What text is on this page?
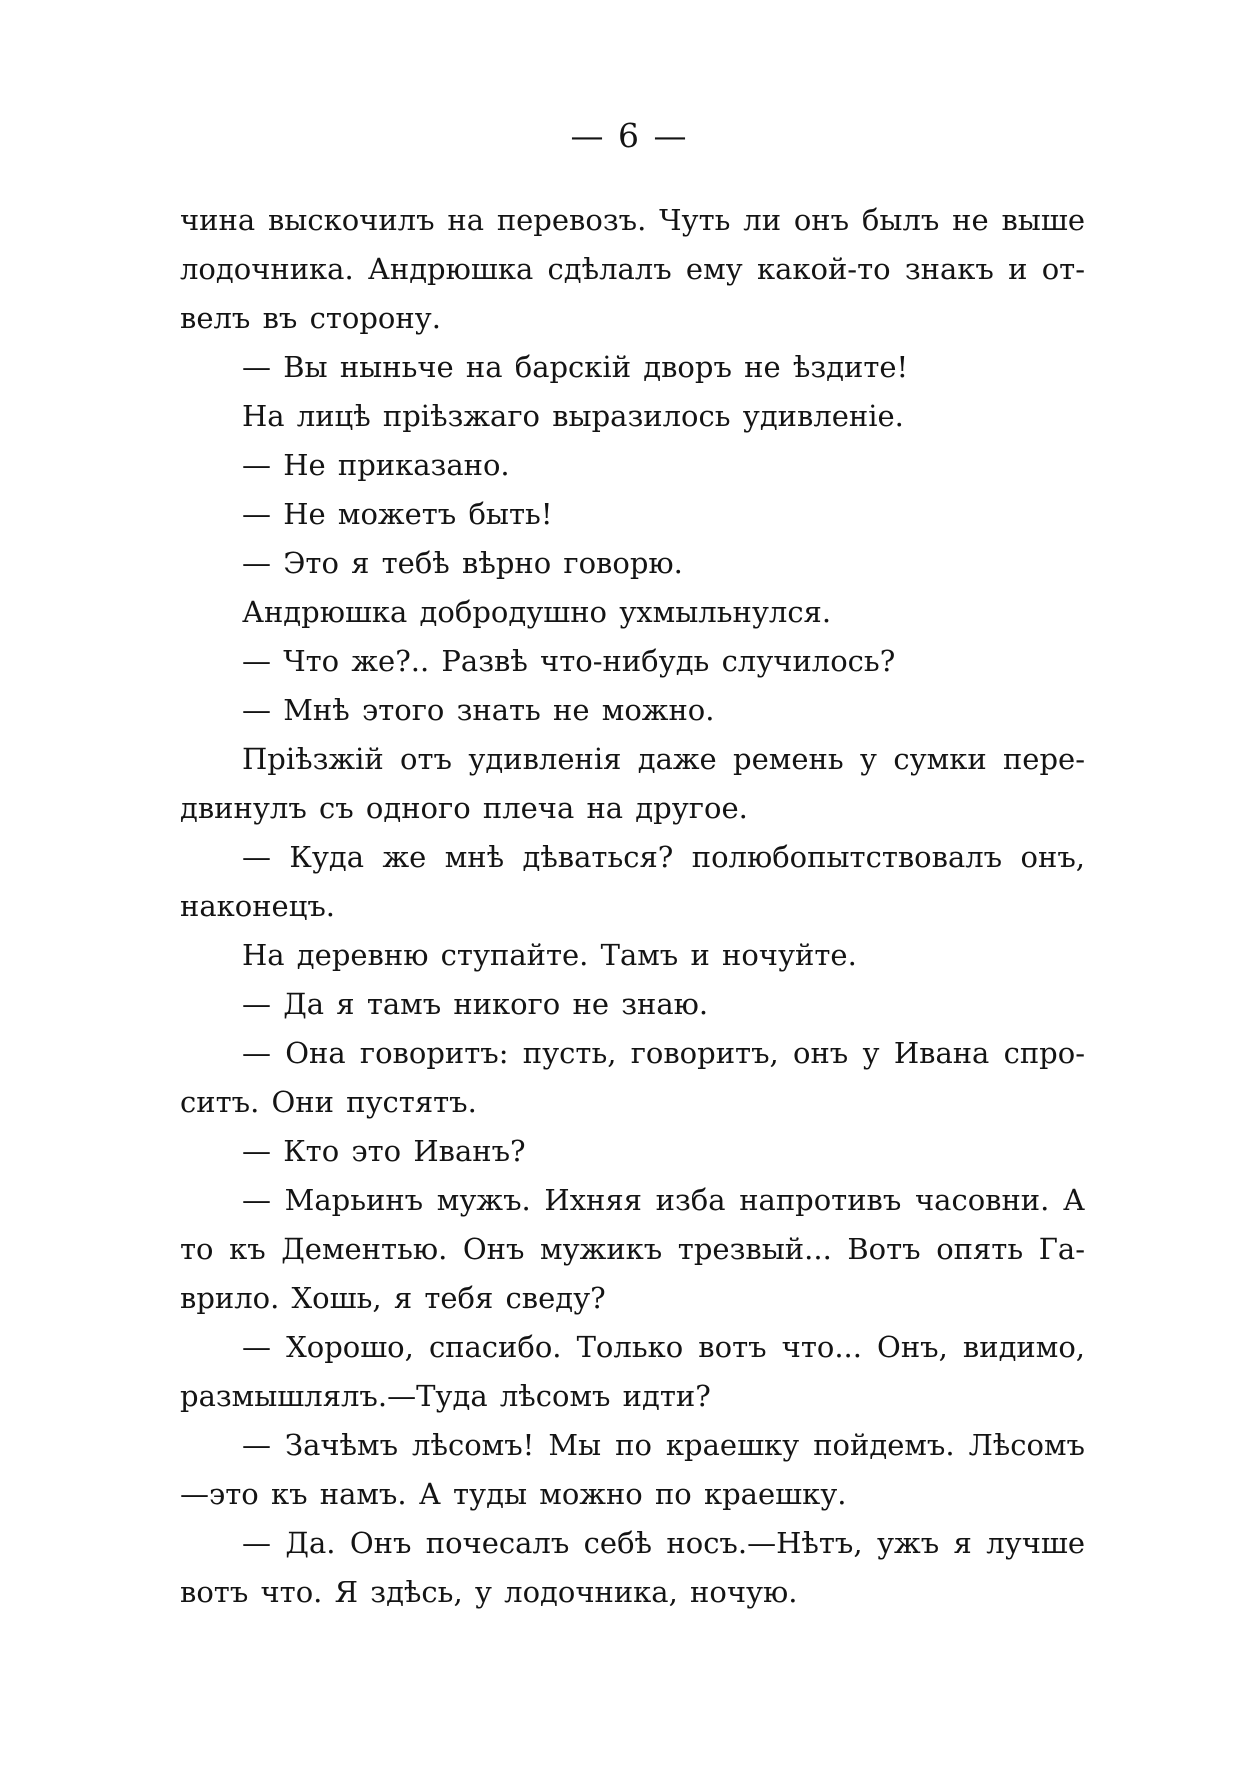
— 6 —
чина выскочилъ на перевозъ. Чуть ли онъ былъ не выше
лодочника. Андрюшка сдѣлалъ ему какой-то знакъ и от-
велъ въ сторону.
— Вы ныньче на барскій дворъ не ѣздите!
На лицѣ пріѣзжаго выразилось удивленіе.
— Не приказано.
— Не можетъ быть!
— Это я тебѣ вѣрно говорю.
Андрюшка добродушно ухмыльнулся.
— Что же?.. Развѣ что-нибудь случилось?
— Мнѣ этого знать не можно.
Пріѣзжій отъ удивленія даже ремень у сумки пере-
двинулъ съ одного плеча на другое.
— Куда же мнѣ дѣваться? полюбопытствовалъ онъ,
наконецъ.
На деревню ступайте. Тамъ и ночуйте.
— Да я тамъ никого не знаю.
— Она говоритъ: пусть, говоритъ, онъ у Ивана спро-
ситъ. Они пустятъ.
— Кто это Иванъ?
— Марьинъ мужъ. Ихняя изба напротивъ часовни. А
то къ Дементью. Онъ мужикъ трезвый... Вотъ опять Га-
врило. Хошь, я тебя сведу?
— Хорошо, спасибо. Только вотъ что... Онъ, видимо,
размышлялъ.—Туда лѣсомъ идти?
— Зачѣмъ лѣсомъ! Мы по краешку пойдемъ. Лѣсомъ
—это къ намъ. А туды можно по краешку.
— Да. Онъ почесалъ себѣ носъ.—Нѣтъ, ужъ я лучше
вотъ что. Я здѣсь, у лодочника, ночую.
